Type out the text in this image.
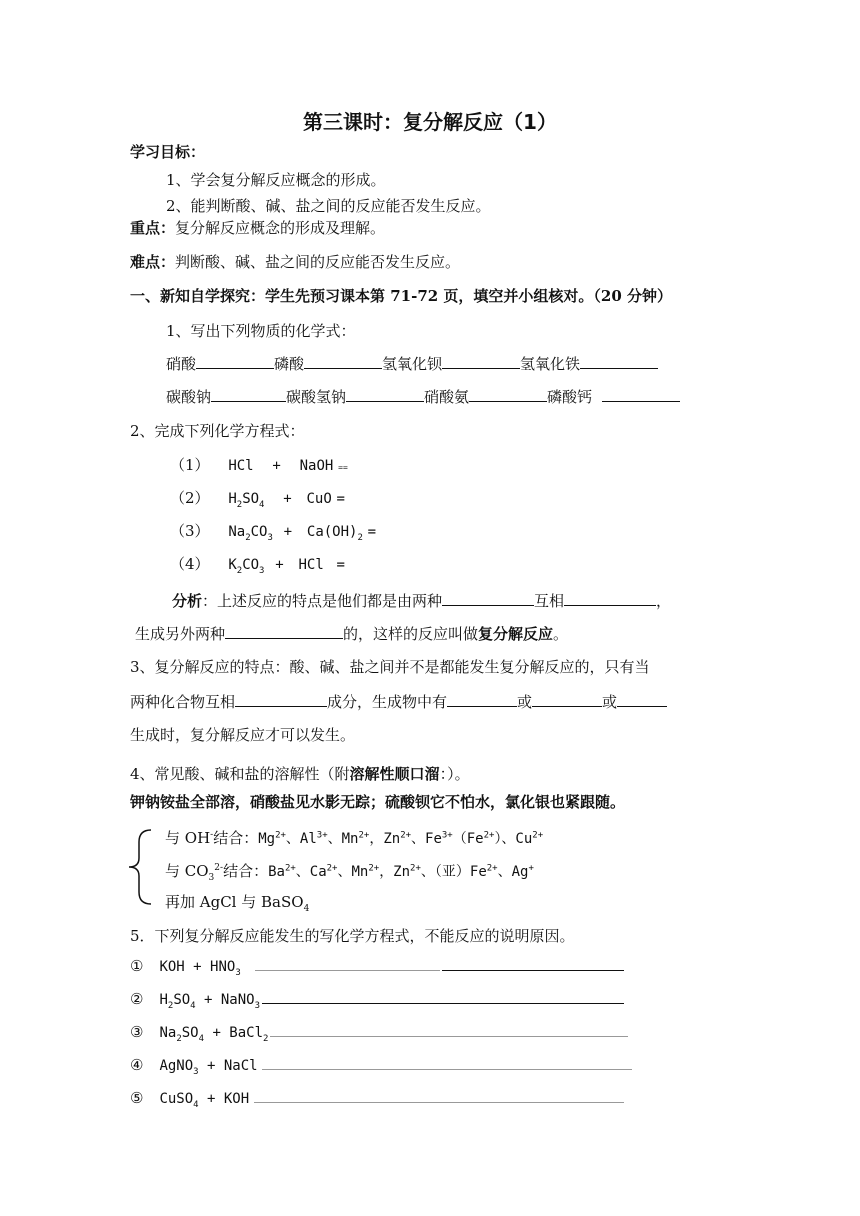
第三课时：复分解反应（1）
学习目标：
1、学会复分解反应概念的形成。
2、能判断酸、碱、盐之间的反应能否发生反应。
重点：复分解反应概念的形成及理解。
难点：判断酸、碱、盐之间的反应能否发生反应。
一、新知自学探究：学生先预习课本第 71-72 页，填空并小组核对。（20 分钟）
1、写出下列物质的化学式：
硝酸	磷酸	氢氧化钡	氢氧化铁
碳酸钠	碳酸氢钠	硝酸氨	磷酸钙
2、完成下列化学方程式：
（1） HCl + NaOH ==
（2） $H_2SO_4$ + CuO =
（3） $Na_2CO_3 + Ca(OH)_2$ =
（4） $K_2CO_3$ + HCl =
分析：上述反应的特点是他们都是由两种	互相	，
生成另外两种	的，这样的反应叫做复分解反应。
3、复分解反应的特点：酸、碱、盐之间并不是都能发生复分解反应的，只有当
两种化合物互相	成分，生成物中有	或	或
生成时，复分解反应才可以发生。
4、常见酸、碱和盐的溶解性（附溶解性顺口溜：）。
钾钠铵盐全部溶，硝酸盐见水影无踪；硫酸钡它不怕水，氯化银也紧跟随。
与 OH-结合：$Mg^{2+}$、$Al^{3+}$、$Mn^{2+}$，$Zn^{2+}$、$Fe^{3+}(Fe^{2+})$、$Cu^{2+}$
与 $CO_3^{2-}$结合：$Ba^{2+}$、$Ca^{2+}$、$Mn^{2+}$，$Zn^{2+}$、（亚）$Fe^{2+}$、Ag+
再加 AgCl 与 BaSO$_4$
5．下列复分解反应能发生的写化学方程式，不能反应的说明原因。
① KOH + $HNO_3$
② $H_2SO_4$ + NaNO$_3$
③ $Na_2SO_4$ + BaCl$_2$
④ AgNO$_3$ + NaCl
⑤ CuSO$_4$ + KOH
